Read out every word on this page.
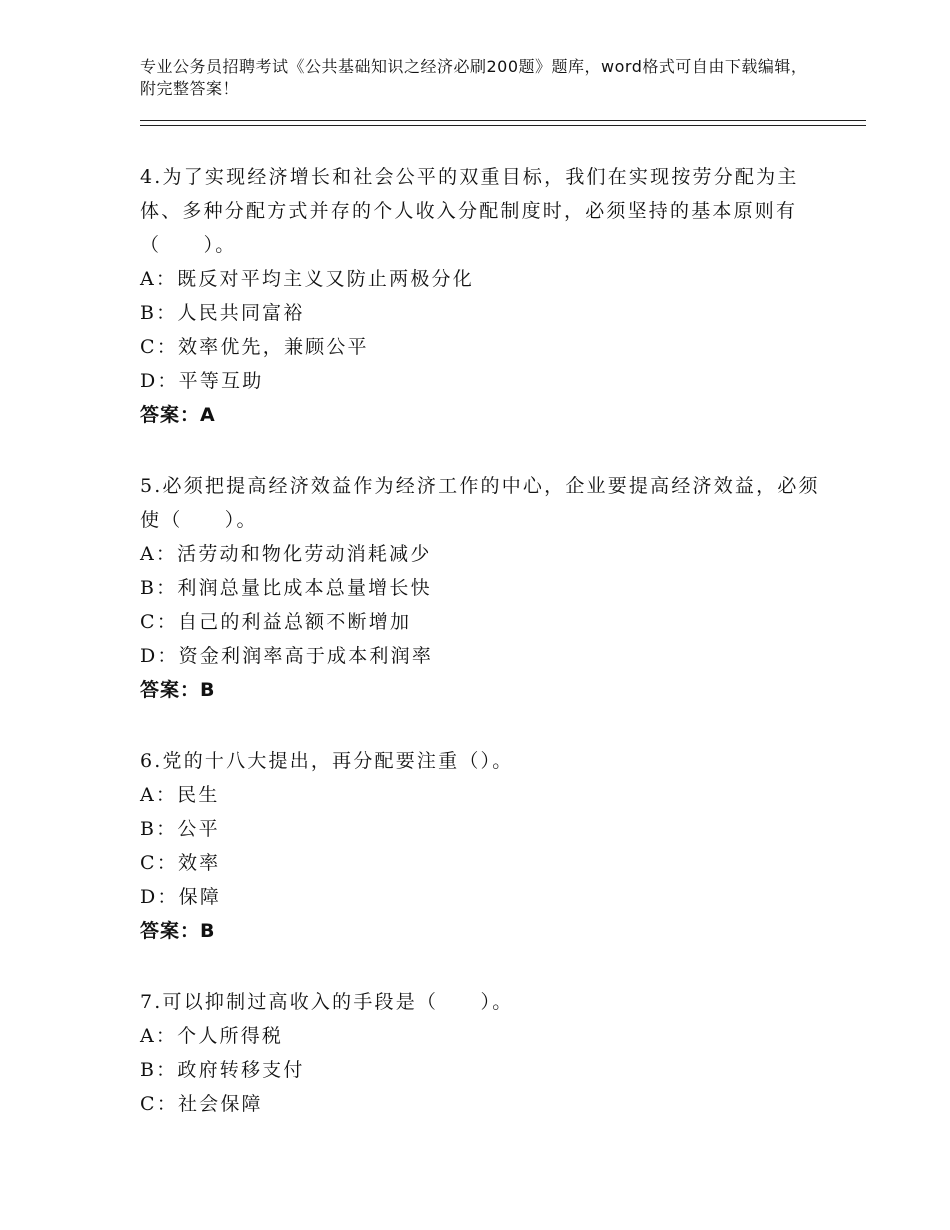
专业公务员招聘考试《公共基础知识之经济必刷200题》题库，word格式可自由下载编辑，附完整答案！

4.为了实现经济增长和社会公平的双重目标，我们在实现按劳分配为主体、多种分配方式并存的个人收入分配制度时，必须坚持的基本原则有（　　）。

A：既反对平均主义又防止两极分化

B：人民共同富裕

C：效率优先，兼顾公平

D：平等互助

答案：A

5.必须把提高经济效益作为经济工作的中心，企业要提高经济效益，必须使（　　）。

A：活劳动和物化劳动消耗减少

B：利润总量比成本总量增长快

C：自己的利益总额不断增加

D：资金利润率高于成本利润率

答案：B

6.党的十八大提出，再分配要注重（）。

A：民生

B：公平

C：效率

D：保障

答案：B

7.可以抑制过高收入的手段是（　　）。

A：个人所得税

B：政府转移支付

C：社会保障
